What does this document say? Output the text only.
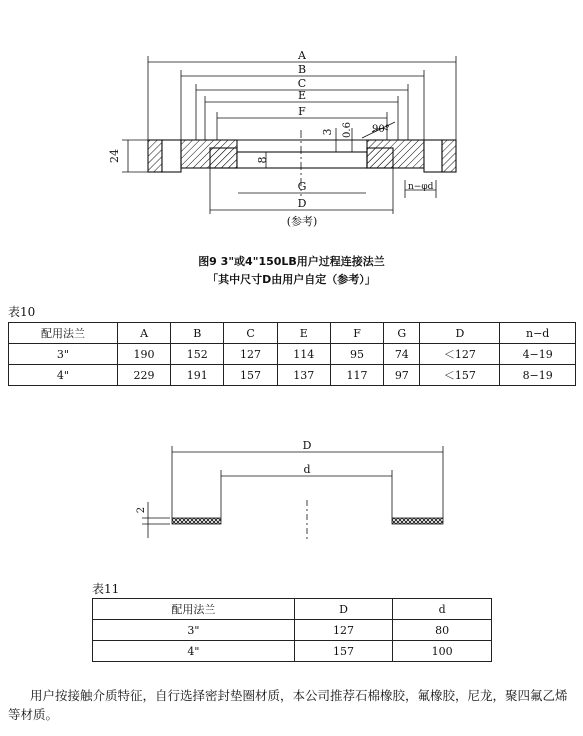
A
B
C
E
F
G
D
24
3 0.6 90°
8
n−φd
(参考)
图9 3"或4"150LB用户过程连接法兰
「其中尺寸D由用户自定（参考）」
表10
配用法兰	A	B	C	E	F	G	D	n−d
3"	190	152	127	114	95	74	＜127	4−19
4"	229	191	157	137	117	97	＜157	8−19
D
d
2
表11
配用法兰	D	d
3"	127	80
4"	157	100
用户按接触介质特征，自行选择密封垫圈材质，本公司推荐石棉橡胶，氟橡胶，尼龙，聚四氟乙烯等材质。
